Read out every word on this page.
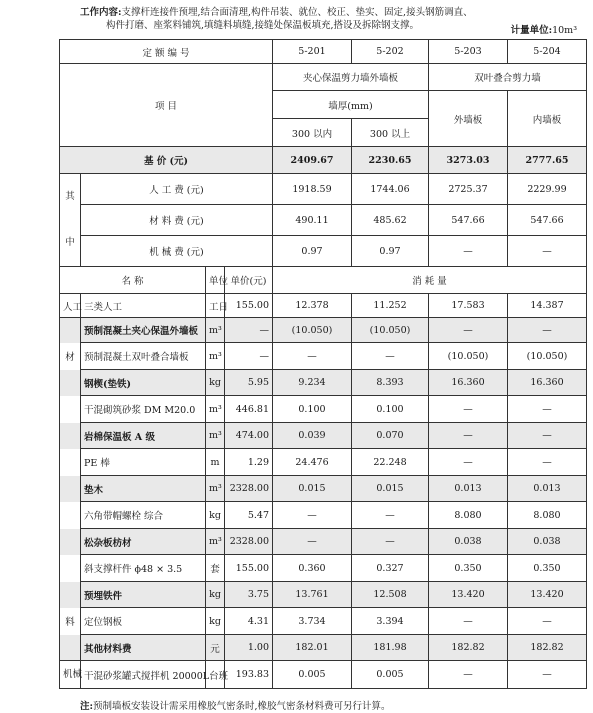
工作内容:支撑杆连接件预埋,结合面清理,构件吊装、就位、校正、垫实、固定,接头钢筋调直、
构件打磨、座浆料铺筑,填缝料填缝,接缝处保温板填充,搭设及拆除钢支撑。	计量单位:10m³
定 额 编 号				5-201	5-202	5-203	5-204
项 目				夹心保温剪力墙外墙板		双叶叠合剪力墙	
				墙厚(mm)		外墙板	内墙板
				300 以内	300 以上		
基 价 (元)				2409.67	2230.65	3273.03	2777.65

其
中	人 工 费 (元)			1918.59	1744.06	2725.37	2229.99
	材 料 费 (元)			490.11	485.62	547.66	547.66
	机 械 费 (元)			0.97	0.97	—	—
名 称		单位	单价(元)	消 耗 量			
人工	三类人工	工日	155.00	12.378	11.252	17.583	14.387
	预制混凝土夹心保温外墙板	m³	—	(10.050)	(10.050)	—	—
材	预制混凝土双叶叠合墙板	m³	—	—	—	(10.050)	(10.050)
	钢楔(垫铁)	kg	5.95	9.234	8.393	16.360	16.360
	干混砌筑砂浆 DM M20.0	m³	446.81	0.100	0.100	—	—
	岩棉保温板 A 级	m³	474.00	0.039	0.070	—	—
	PE 棒	m	1.29	24.476	22.248	—	—
	垫木	m³	2328.00	0.015	0.015	0.013	0.013
	六角带帽螺栓 综合	kg	5.47	—	—	8.080	8.080
	松杂板枋材	m³	2328.00	—	—	0.038	0.038
	斜支撑杆件 ϕ48 × 3.5	套	155.00	0.360	0.327	0.350	0.350
	预埋铁件	kg	3.75	13.761	12.508	13.420	13.420
料	定位钢板	kg	4.31	3.734	3.394	—	—
	其他材料费	元	1.00	182.01	181.98	182.82	182.82
机械	干混砂浆罐式搅拌机 20000L	台班	193.83	0.005	0.005	—	—
注:预制墙板安装设计需采用橡胶气密条时,橡胶气密条材料费可另行计算。
